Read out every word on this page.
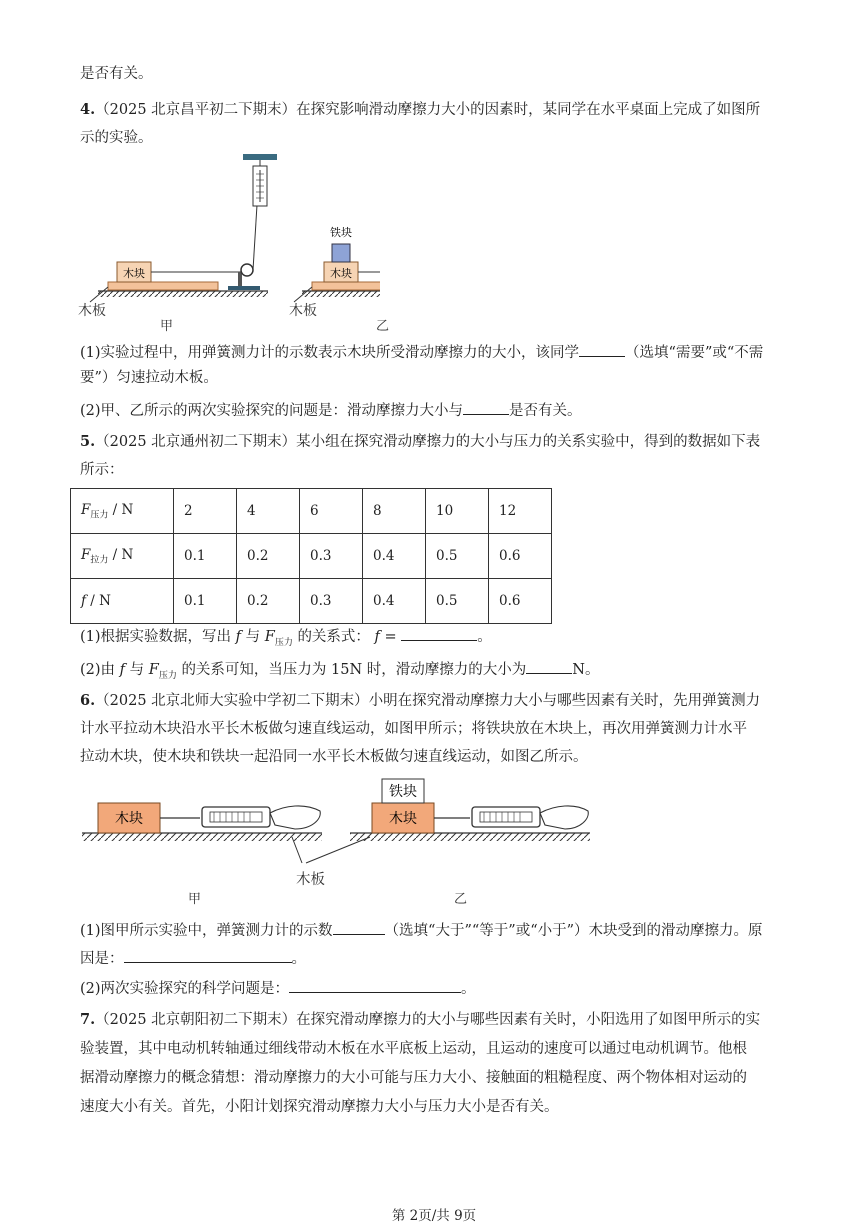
是否有关。
4.（2025 北京昌平初二下期末）在探究影响滑动摩擦力大小的因素时，某同学在水平桌面上完成了如图所
示的实验。
木块	木块
铁块
木板	木板
甲	乙
(1)实验过程中，用弹簧测力计的示数表示木块所受滑动摩擦力的大小，该同学	（选填“需要”或“不需
要”）匀速拉动木板。
(2)甲、乙所示的两次实验探究的问题是：滑动摩擦力大小与	是否有关。
5.（2025 北京通州初二下期末）某小组在探究滑动摩擦力的大小与压力的关系实验中，得到的数据如下表
所示：
$F_{压力}$ / N	2	4	6	8	10	12
$F_{拉力}$ / N	0.1	0.2	0.3	0.4	0.5	0.6
f / N	0.1	0.2	0.3	0.4	0.5	0.6
(1)根据实验数据，写出 f 与 $F_{压力}$ 的关系式： f =	。
(2)由 f 与 $F_{压力}$ 的关系可知，当压力为 15N 时，滑动摩擦力的大小为	N。
6.（2025 北京北师大实验中学初二下期末）小明在探究滑动摩擦力大小与哪些因素有关时，先用弹簧测力
计水平拉动木块沿水平长木板做匀速直线运动，如图甲所示；将铁块放在木块上，再次用弹簧测力计水平
拉动木块，使木块和铁块一起沿同一水平长木板做匀速直线运动，如图乙所示。
木块	木块
铁块
木板
甲	乙
(1)图甲所示实验中，弹簧测力计的示数	（选填“大于”“等于”或“小于”）木块受到的滑动摩擦力。原
因是：	。
(2)两次实验探究的科学问题是：	。
7.（2025 北京朝阳初二下期末）在探究滑动摩擦力的大小与哪些因素有关时，小阳选用了如图甲所示的实
验装置，其中电动机转轴通过细线带动木板在水平底板上运动，且运动的速度可以通过电动机调节。他根
据滑动摩擦力的概念猜想：滑动摩擦力的大小可能与压力大小、接触面的粗糙程度、两个物体相对运动的
速度大小有关。首先，小阳计划探究滑动摩擦力大小与压力大小是否有关。
第 2页/共 9页
